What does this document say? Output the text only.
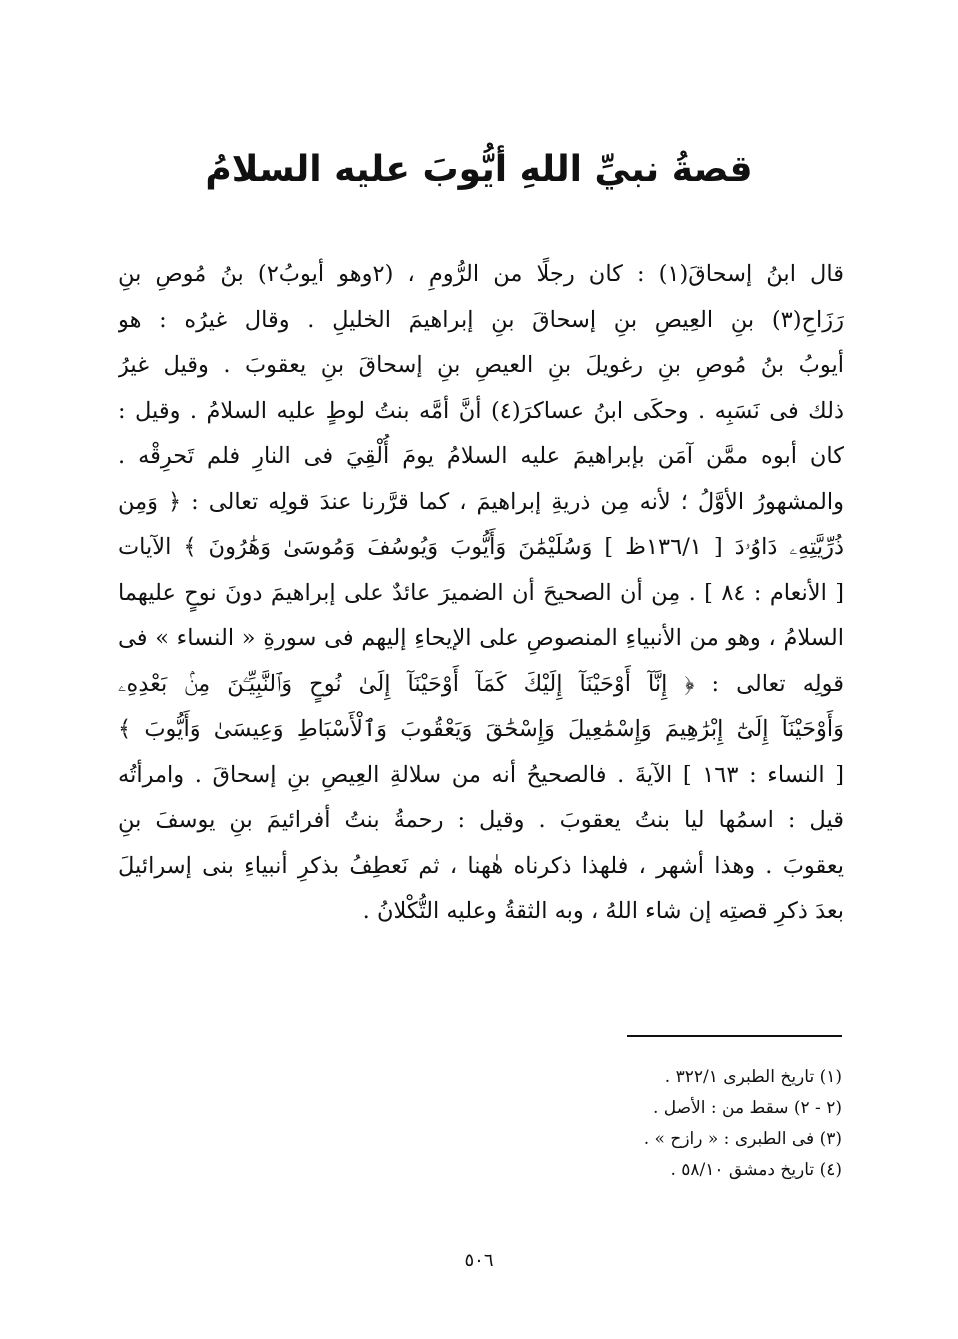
قصةُ نبيِّ اللهِ أيُّوبَ عليه السلامُ
قال ابنُ إسحاقَ(١) : كان رجلًا من الرُّومِ ، (٢وهو أيوبُ٢) بنُ مُوصِ بنِ
رَزَاحِ(٣) بنِ العِيصِ بنِ إسحاقَ بنِ إبراهيمَ الخليلِ . وقال غيرُه : هو
أيوبُ بنُ مُوصِ بنِ رغويلَ بنِ العيصِ بنِ إسحاقَ بنِ يعقوبَ . وقيل غيرُ
ذلك فى نَسَبِه . وحكَى ابنُ عساكرَ(٤) أنَّ أمَّه بنتُ لوطٍ عليه السلامُ . وقيل :
كان أبوه ممَّن آمَن بإبراهيمَ عليه السلامُ يومَ أُلْقِيَ فى النارِ فلم تَحرِقْه .
والمشهورُ الأوَّلُ ؛ لأنه مِن ذريةِ إبراهيمَ ، كما قرَّرنا عندَ قولِه تعالى : ﴿ وَمِن
ذُرِّيَّتِهِۦ دَاوُۥدَ [ ١٣٦/١ظ ] وَسُلَيْمَٰنَ وَأَيُّوبَ وَيُوسُفَ وَمُوسَىٰ وَهَٰرُونَ ﴾ الآيات
[ الأنعام : ٨٤ ] . مِن أن الصحيحَ أن الضميرَ عائدٌ على إبراهيمَ دونَ نوحٍ عليهما
السلامُ ، وهو من الأنبياءِ المنصوصِ على الإيحاءِ إليهم فى سورةِ « النساء » فى
قولِه تعالى : ﴿ إِنَّآ أَوْحَيْنَآ إِلَيْكَ كَمَآ أَوْحَيْنَآ إِلَىٰ نُوحٍ وَٱلنَّبِيِّـۧنَ مِنۢ بَعْدِهِۦ
وَأَوْحَيْنَآ إِلَىٰٓ إِبْرَٰهِيمَ وَإِسْمَٰعِيلَ وَإِسْحَٰقَ وَيَعْقُوبَ وَٱلْأَسْبَاطِ وَعِيسَىٰ وَأَيُّوبَ ﴾
[ النساء : ١٦٣ ] الآيةَ . فالصحيحُ أنه من سلالةِ العِيصِ بنِ إسحاقَ . وامرأتُه
قيل : اسمُها ليا بنتُ يعقوبَ . وقيل : رحمةُ بنتُ أفرائيمَ بنِ يوسفَ بنِ
يعقوبَ . وهذا أشهر ، فلهذا ذكرناه هٰهنا ، ثم نَعطِفُ بذكرِ أنبياءِ بنى إسرائيلَ
بعدَ ذكرِ قصتِه إن شاء اللهُ ، وبه الثقةُ وعليه التُّكْلانُ .
(١) تاريخ الطبرى ٣٢٢/١ .
(٢ - ٢) سقط من : الأصل .
(٣) فى الطبرى : « رازح » .
(٤) تاريخ دمشق ٥٨/١٠ .
٥٠٦
